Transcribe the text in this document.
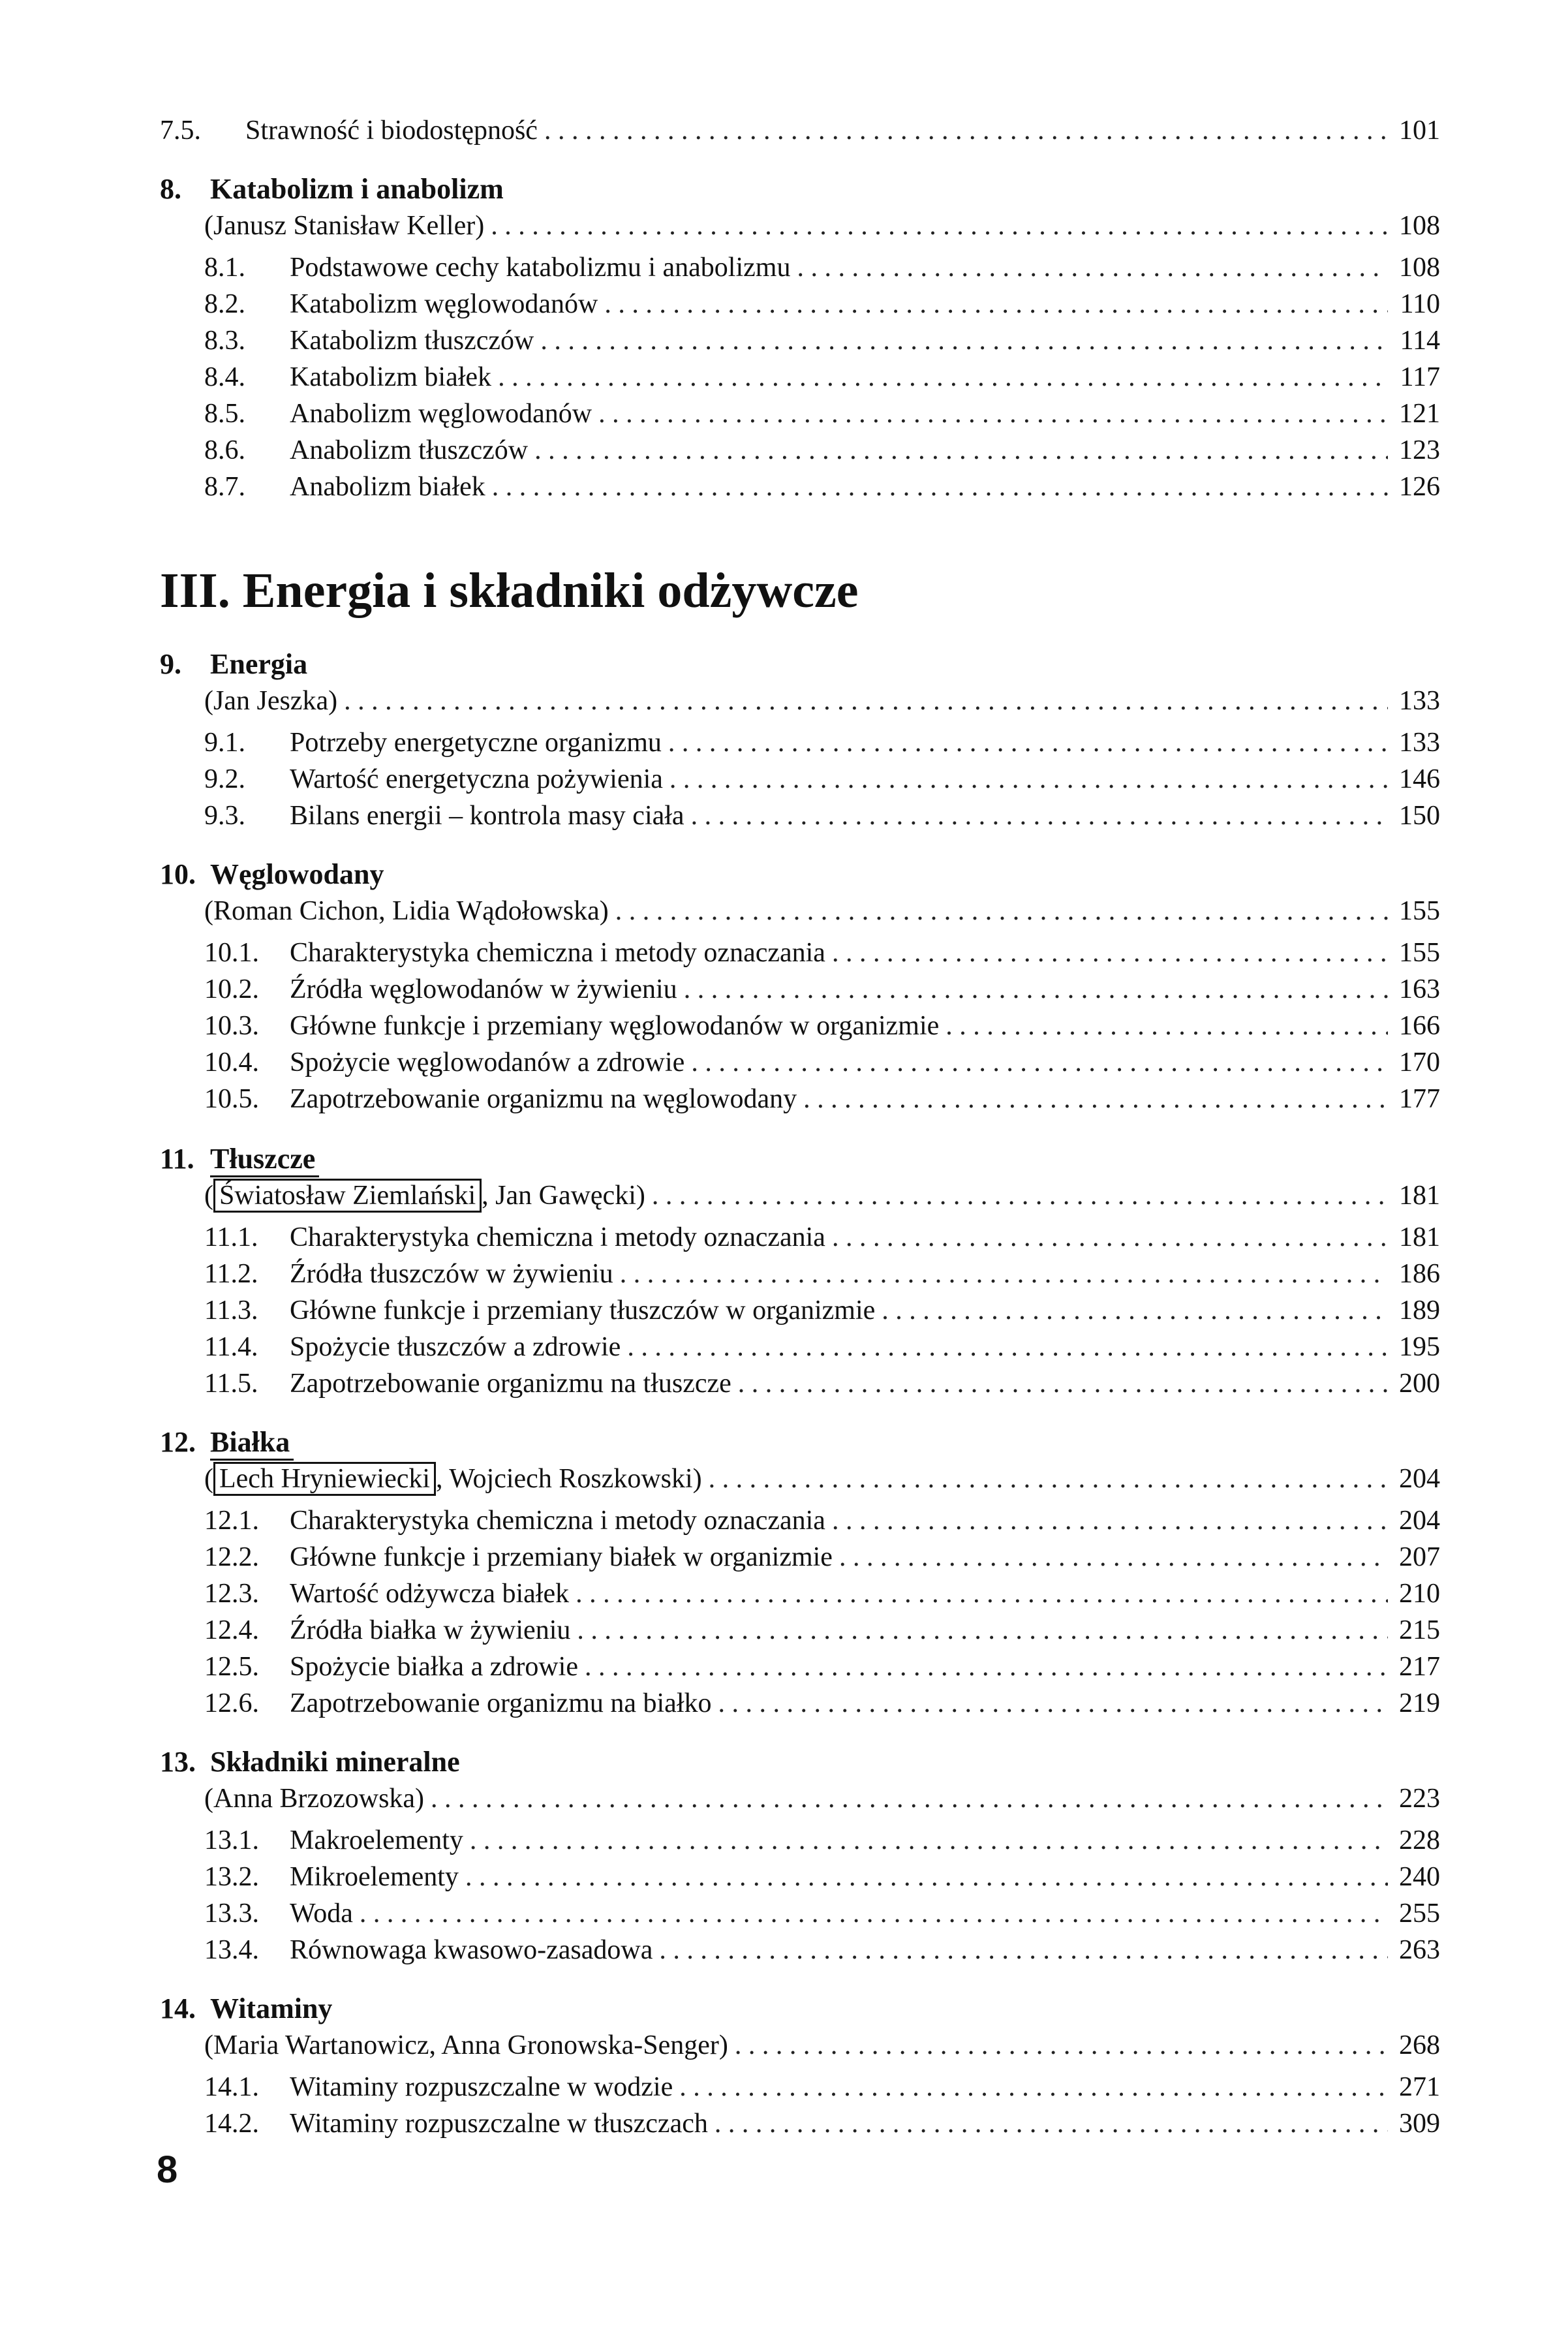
7.5.	Strawność i biodostępność . . .	101
8.	Katabolizm i anabolizm
(Janusz Stanisław Keller) . . .	108
8.1. Podstawowe cechy katabolizmu i anabolizmu . . .	108
8.2. Katabolizm węglowodanów . . .	110
8.3. Katabolizm tłuszczów . . .	114
8.4. Katabolizm białek . . .	117
8.5. Anabolizm węglowodanów . . .	121
8.6. Anabolizm tłuszczów . . .	123
8.7. Anabolizm białek . . .	126
III. Energia i składniki odżywcze
9.	Energia
(Jan Jeszka) . . .	133
9.1. Potrzeby energetyczne organizmu . . .	133
9.2. Wartość energetyczna pożywienia . . .	146
9.3. Bilans energii – kontrola masy ciała . . .	150
10. Węglowodany
(Roman Cichon, Lidia Wądołowska) . . .	155
10.1. Charakterystyka chemiczna i metody oznaczania . . .	155
10.2. Źródła węglowodanów w żywieniu . . .	163
10.3. Główne funkcje i przemiany węglowodanów w organizmie . . .	166
10.4. Spożycie węglowodanów a zdrowie . . .	170
10.5. Zapotrzebowanie organizmu na węglowodany . . .	177
11. Tłuszcze
( Światosław Ziemlański , Jan Gawęcki) . . .	181
11.1. Charakterystyka chemiczna i metody oznaczania . . .	181
11.2. Źródła tłuszczów w żywieniu . . .	186
11.3. Główne funkcje i przemiany tłuszczów w organizmie . . .	189
11.4. Spożycie tłuszczów a zdrowie . . .	195
11.5. Zapotrzebowanie organizmu na tłuszcze . . .	200
12. Białka
( Lech Hryniewiecki , Wojciech Roszkowski) . . .	204
12.1. Charakterystyka chemiczna i metody oznaczania . . .	204
12.2. Główne funkcje i przemiany białek w organizmie . . .	207
12.3. Wartość odżywcza białek . . .	210
12.4. Źródła białka w żywieniu . . .	215
12.5. Spożycie białka a zdrowie . . .	217
12.6. Zapotrzebowanie organizmu na białko . . .	219
13. Składniki mineralne
(Anna Brzozowska) . . .	223
13.1. Makroelementy . . .	228
13.2. Mikroelementy . . .	240
13.3. Woda . . .	255
13.4. Równowaga kwasowo-zasadowa . . .	263
14. Witaminy
(Maria Wartanowicz, Anna Gronowska-Senger) . . .	268
14.1. Witaminy rozpuszczalne w wodzie . . .	271
14.2. Witaminy rozpuszczalne w tłuszczach . . .	309
8
